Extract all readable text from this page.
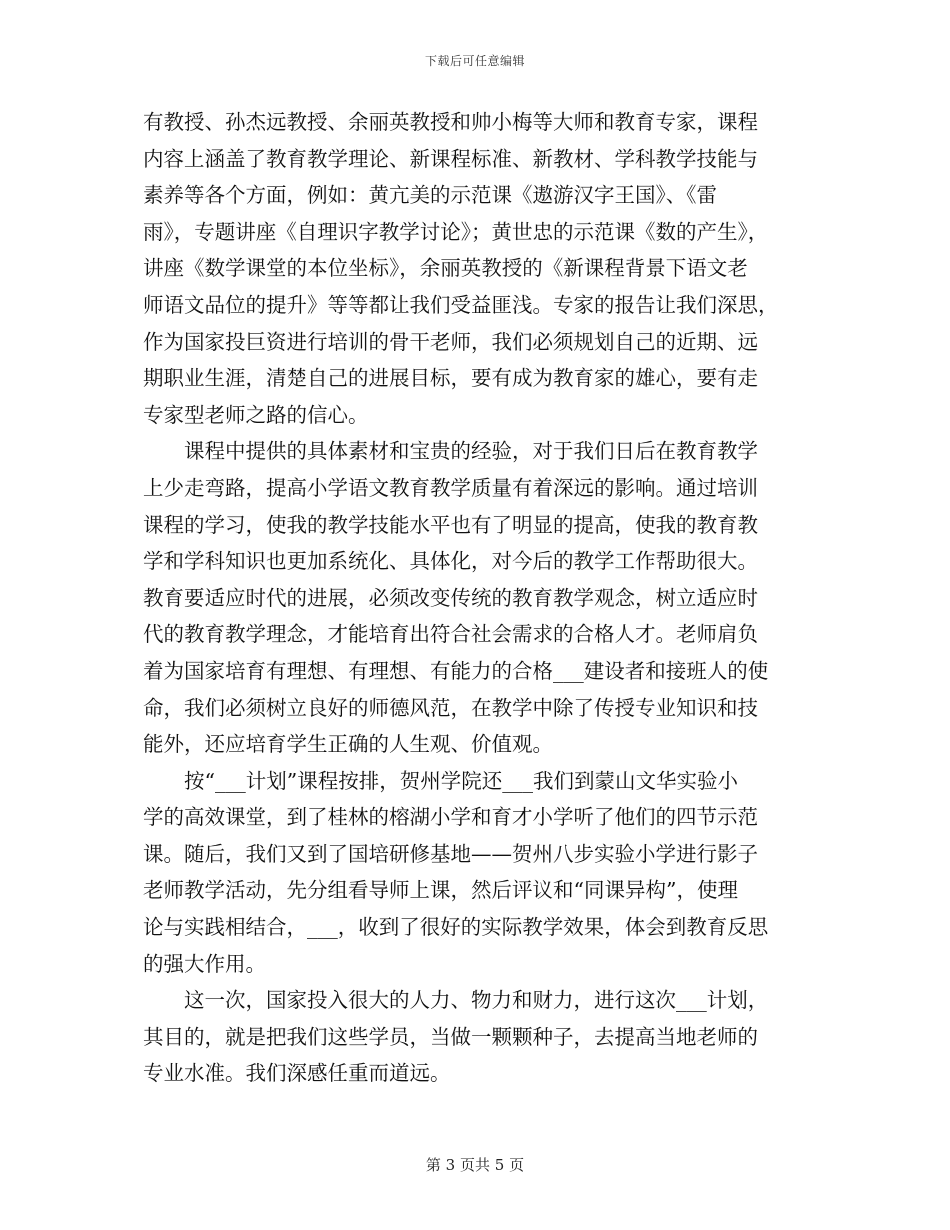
下载后可任意编辑
有教授、孙杰远教授、余丽英教授和帅小梅等大师和教育专家，课程
内容上涵盖了教育教学理论、新课程标准、新教材、学科教学技能与
素养等各个方面，例如：黄亢美的示范课《遨游汉字王国》、《雷
雨》，专题讲座《自理识字教学讨论》；黄世忠的示范课《数的产生》，
讲座《数学课堂的本位坐标》，余丽英教授的《新课程背景下语文老
师语文品位的提升》等等都让我们受益匪浅。专家的报告让我们深思，
作为国家投巨资进行培训的骨干老师，我们必须规划自己的近期、远
期职业生涯，清楚自己的进展目标，要有成为教育家的雄心，要有走
专家型老师之路的信心。
　　课程中提供的具体素材和宝贵的经验，对于我们日后在教育教学
上少走弯路，提高小学语文教育教学质量有着深远的影响。通过培训
课程的学习，使我的教学技能水平也有了明显的提高，使我的教育教
学和学科知识也更加系统化、具体化，对今后的教学工作帮助很大。
教育要适应时代的进展，必须改变传统的教育教学观念，树立适应时
代的教育教学理念，才能培育出符合社会需求的合格人才。老师肩负
着为国家培育有理想、有理想、有能力的合格___建设者和接班人的使
命，我们必须树立良好的师德风范，在教学中除了传授专业知识和技
能外，还应培育学生正确的人生观、价值观。
　　按“___计划”课程按排，贺州学院还___我们到蒙山文华实验小
学的高效课堂，到了桂林的榕湖小学和育才小学听了他们的四节示范
课。随后，我们又到了国培研修基地——贺州八步实验小学进行影子
老师教学活动，先分组看导师上课，然后评议和“同课异构”，使理
论与实践相结合，___，收到了很好的实际教学效果，体会到教育反思
的强大作用。
　　这一次，国家投入很大的人力、物力和财力，进行这次___计划，
其目的，就是把我们这些学员，当做一颗颗种子，去提高当地老师的
专业水准。我们深感任重而道远。
第 3 页共 5 页
